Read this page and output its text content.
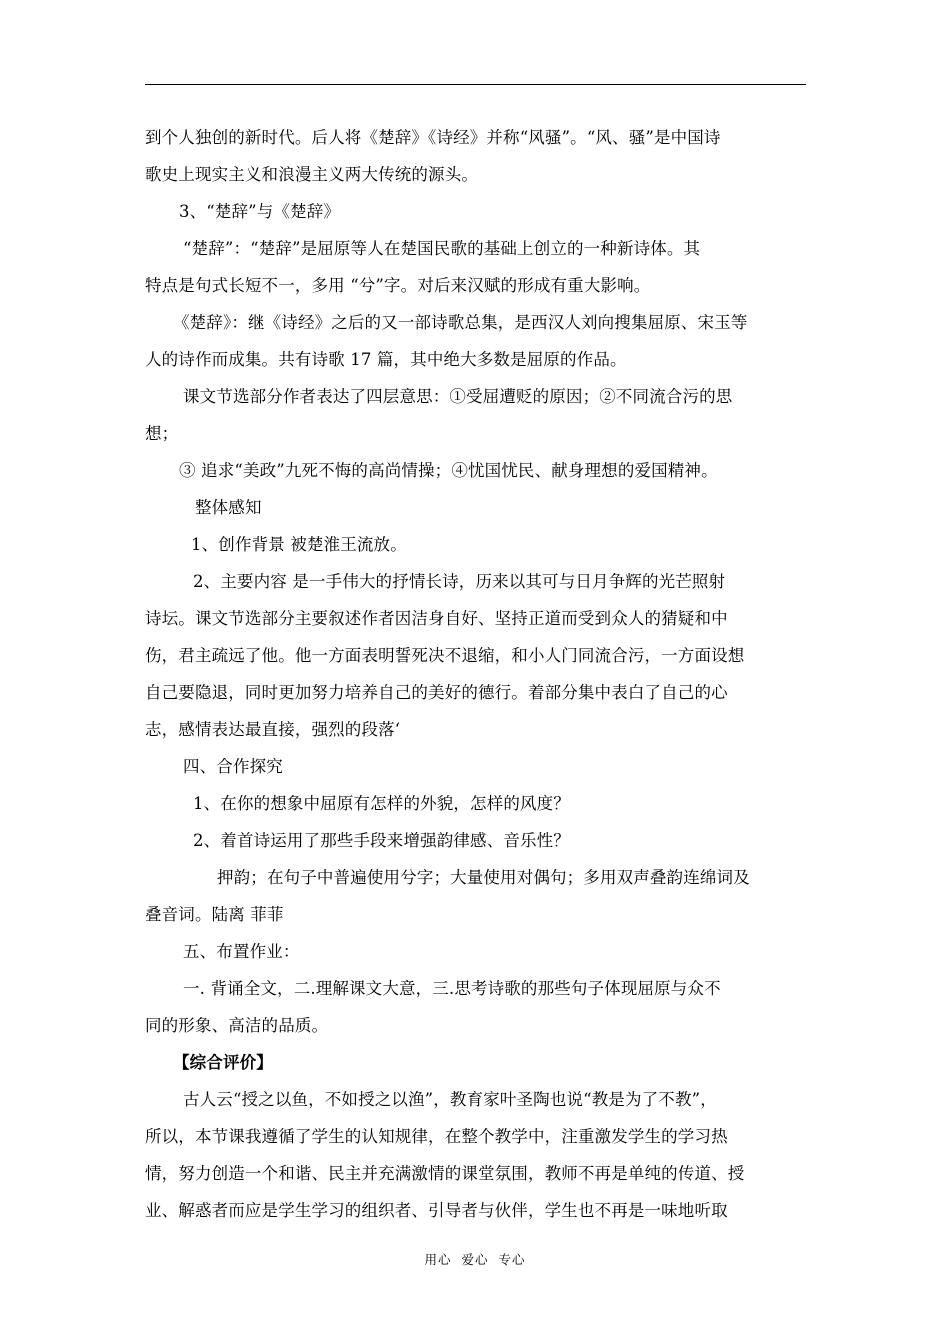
到个人独创的新时代。后人将《楚辞》《诗经》并称“风骚”。“风、骚”是中国诗
歌史上现实主义和浪漫主义两大传统的源头。
3、“楚辞”与《楚辞》
“楚辞”：“楚辞”是屈原等人在楚国民歌的基础上创立的一种新诗体。其
特点是句式长短不一，多用 “兮”字。对后来汉赋的形成有重大影响。
《楚辞》：继《诗经》之后的又一部诗歌总集，是西汉人刘向搜集屈原、宋玉等
人的诗作而成集。共有诗歌 17 篇，其中绝大多数是屈原的作品。
课文节选部分作者表达了四层意思：①受屈遭贬的原因；②不同流合污的思
想；
③ 追求“美政”九死不悔的高尚情操；④忧国忧民、献身理想的爱国精神。
整体感知
1、创作背景 被楚淮王流放。
2、主要内容 是一手伟大的抒情长诗，历来以其可与日月争辉的光芒照射
诗坛。课文节选部分主要叙述作者因洁身自好、坚持正道而受到众人的猜疑和中
伤，君主疏远了他。他一方面表明誓死决不退缩，和小人门同流合污，一方面设想
自己要隐退，同时更加努力培养自己的美好的德行。着部分集中表白了自己的心
志，感情表达最直接，强烈的段落‘
四、合作探究
1、在你的想象中屈原有怎样的外貌，怎样的风度？
2、着首诗运用了那些手段来增强韵律感、音乐性？
押韵；在句子中普遍使用兮字；大量使用对偶句；多用双声叠韵连绵词及
叠音词。陆离 菲菲
五、布置作业：
一. 背诵全文，二.理解课文大意，三.思考诗歌的那些句子体现屈原与众不
同的形象、高洁的品质。
【综合评价】
古人云“授之以鱼，不如授之以渔”，教育家叶圣陶也说“教是为了不教”，
所以，本节课我遵循了学生的认知规律，在整个教学中，注重激发学生的学习热
情，努力创造一个和谐、民主并充满激情的课堂氛围，教师不再是单纯的传道、授
业、解惑者而应是学生学习的组织者、引导者与伙伴，学生也不再是一味地听取
用心  爱心  专心
